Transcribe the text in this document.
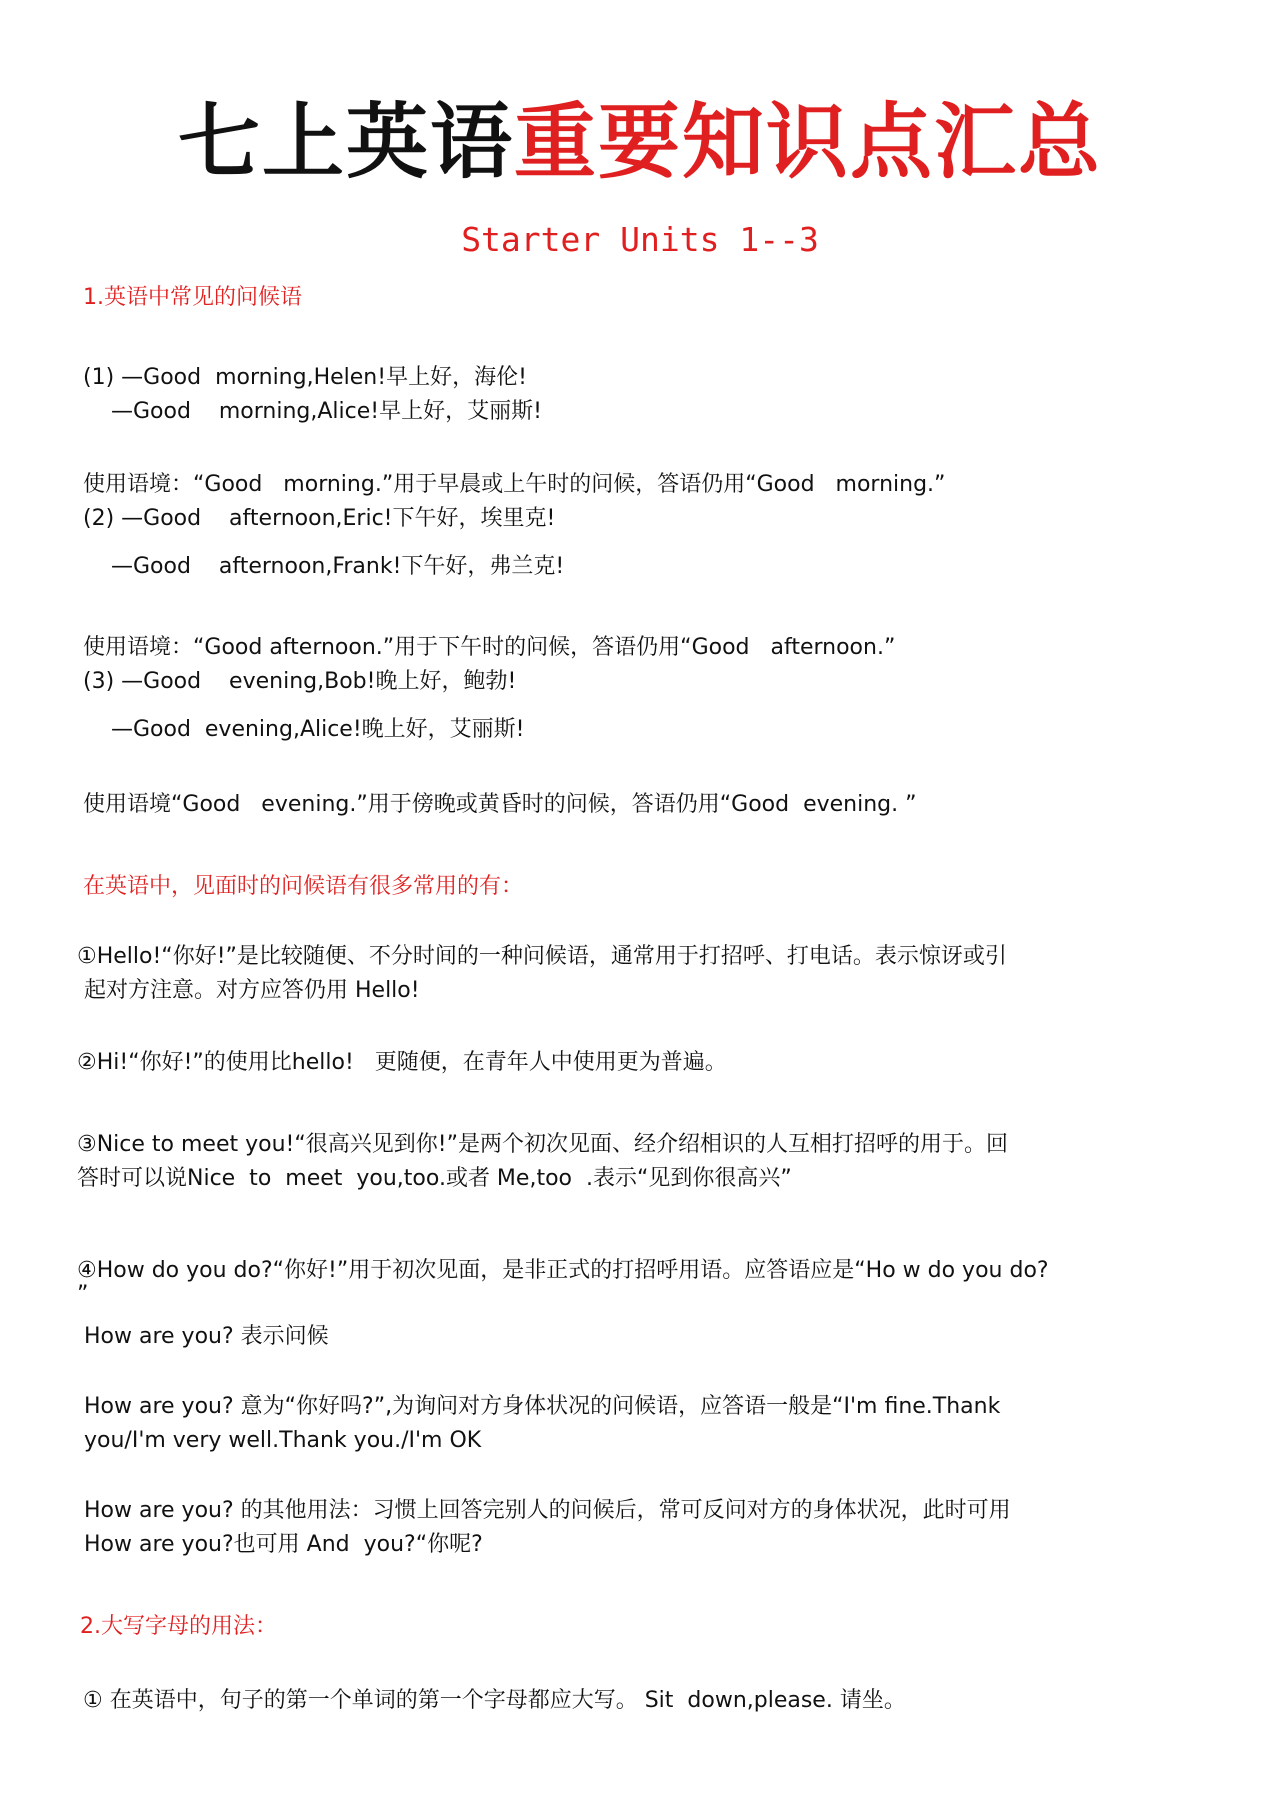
七上英语重要知识点汇总
Starter Units 1--3
1.英语中常见的问候语
(1) —Good  morning,Helen!早上好，海伦!
—Good    morning,Alice!早上好，艾丽斯!
使用语境：“Good   morning.”用于早晨或上午时的问候，答语仍用“Good   morning.”
(2) —Good    afternoon,Eric!下午好，埃里克!
—Good    afternoon,Frank!下午好，弗兰克!
使用语境：“Good afternoon.”用于下午时的问候，答语仍用“Good   afternoon.”
(3) —Good    evening,Bob!晚上好，鲍勃!
—Good  evening,Alice!晚上好，艾丽斯!
使用语境“Good   evening.”用于傍晚或黄昏时的问候，答语仍用“Good  evening. ”
在英语中，见面时的问候语有很多常用的有：
①Hello!“你好!”是比较随便、不分时间的一种问候语，通常用于打招呼、打电话。表示惊讶或引
起对方注意。对方应答仍用 Hello!
②Hi!“你好!”的使用比hello!   更随便，在青年人中使用更为普遍。
③Nice to meet you!“很高兴见到你!”是两个初次见面、经介绍相识的人互相打招呼的用于。回
答时可以说Nice  to  meet  you,too.或者 Me,too  .表示“见到你很高兴”
④How do you do?“你好!”用于初次见面，是非正式的打招呼用语。应答语应是“Ho w do you do?
”
How are you? 表示问候
How are you? 意为“你好吗?”,为询问对方身体状况的问候语，应答语一般是“I'm fine.Thank
you/I'm very well.Thank you./I'm OK
How are you? 的其他用法：习惯上回答完别人的问候后，常可反问对方的身体状况，此时可用
How are you?也可用 And  you?“你呢?
2.大写字母的用法：
① 在英语中，句子的第一个单词的第一个字母都应大写。 Sit  down,please. 请坐。
